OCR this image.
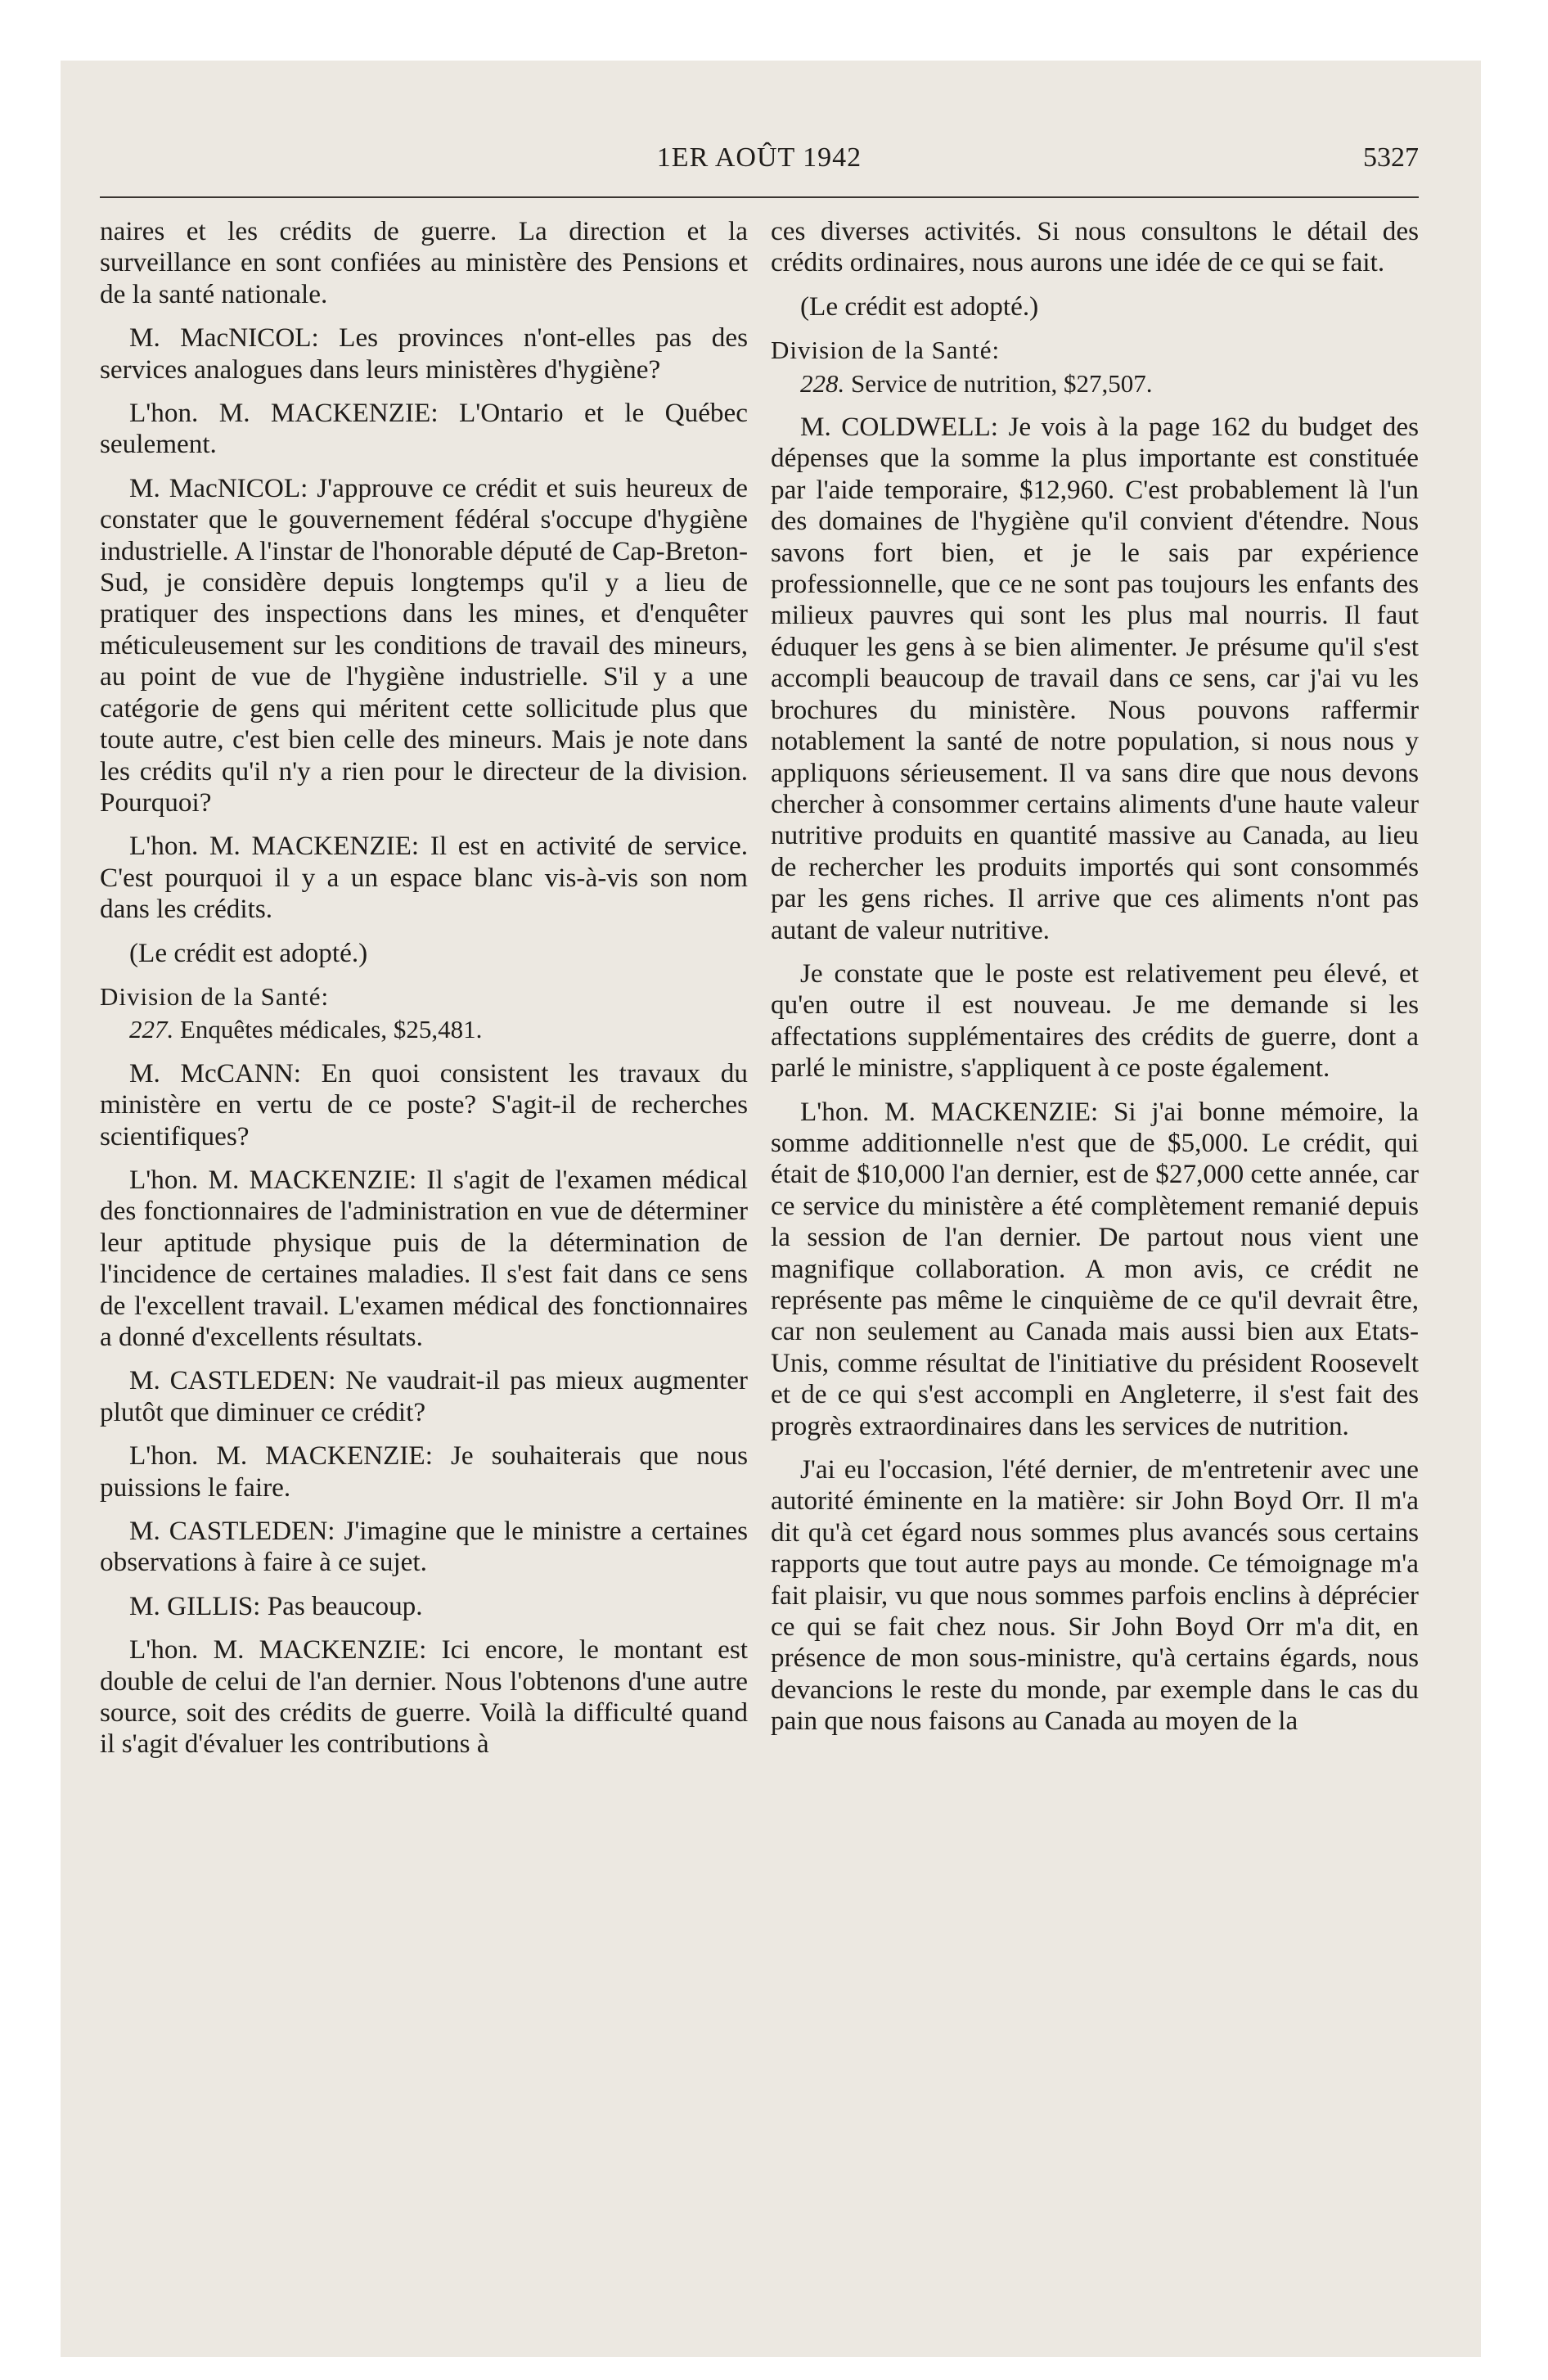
1ER AOÛT 1942	5327

naires et les crédits de guerre. La direction et la surveillance en sont confiées au ministère des Pensions et de la santé nationale.

M. MacNICOL: Les provinces n'ont-elles pas des services analogues dans leurs ministères d'hygiène?

L'hon. M. MACKENZIE: L'Ontario et le Québec seulement.

M. MacNICOL: J'approuve ce crédit et suis heureux de constater que le gouvernement fédéral s'occupe d'hygiène industrielle. A l'instar de l'honorable député de Cap-Breton-Sud, je considère depuis longtemps qu'il y a lieu de pratiquer des inspections dans les mines, et d'enquêter méticuleusement sur les conditions de travail des mineurs, au point de vue de l'hygiène industrielle. S'il y a une catégorie de gens qui méritent cette sollicitude plus que toute autre, c'est bien celle des mineurs. Mais je note dans les crédits qu'il n'y a rien pour le directeur de la division. Pourquoi?

L'hon. M. MACKENZIE: Il est en activité de service. C'est pourquoi il y a un espace blanc vis-à-vis son nom dans les crédits.

(Le crédit est adopté.)

Division de la Santé:

227. Enquêtes médicales, $25,481.

M. McCANN: En quoi consistent les travaux du ministère en vertu de ce poste? S'agit-il de recherches scientifiques?

L'hon. M. MACKENZIE: Il s'agit de l'examen médical des fonctionnaires de l'administration en vue de déterminer leur aptitude physique puis de la détermination de l'incidence de certaines maladies. Il s'est fait dans ce sens de l'excellent travail. L'examen médical des fonctionnaires a donné d'excellents résultats.

M. CASTLEDEN: Ne vaudrait-il pas mieux augmenter plutôt que diminuer ce crédit?

L'hon. M. MACKENZIE: Je souhaiterais que nous puissions le faire.

M. CASTLEDEN: J'imagine que le ministre a certaines observations à faire à ce sujet.

M. GILLIS: Pas beaucoup.

L'hon. M. MACKENZIE: Ici encore, le montant est double de celui de l'an dernier. Nous l'obtenons d'une autre source, soit des crédits de guerre. Voilà la difficulté quand il s'agit d'évaluer les contributions à

ces diverses activités. Si nous consultons le détail des crédits ordinaires, nous aurons une idée de ce qui se fait.

(Le crédit est adopté.)

Division de la Santé:

228. Service de nutrition, $27,507.

M. COLDWELL: Je vois à la page 162 du budget des dépenses que la somme la plus importante est constituée par l'aide temporaire, $12,960. C'est probablement là l'un des domaines de l'hygiène qu'il convient d'étendre. Nous savons fort bien, et je le sais par expérience professionnelle, que ce ne sont pas toujours les enfants des milieux pauvres qui sont les plus mal nourris. Il faut éduquer les gens à se bien alimenter. Je présume qu'il s'est accompli beaucoup de travail dans ce sens, car j'ai vu les brochures du ministère. Nous pouvons raffermir notablement la santé de notre population, si nous nous y appliquons sérieusement. Il va sans dire que nous devons chercher à consommer certains aliments d'une haute valeur nutritive produits en quantité massive au Canada, au lieu de rechercher les produits importés qui sont consommés par les gens riches. Il arrive que ces aliments n'ont pas autant de valeur nutritive.

Je constate que le poste est relativement peu élevé, et qu'en outre il est nouveau. Je me demande si les affectations supplémentaires des crédits de guerre, dont a parlé le ministre, s'appliquent à ce poste également.

L'hon. M. MACKENZIE: Si j'ai bonne mémoire, la somme additionnelle n'est que de $5,000. Le crédit, qui était de $10,000 l'an dernier, est de $27,000 cette année, car ce service du ministère a été complètement remanié depuis la session de l'an dernier. De partout nous vient une magnifique collaboration. A mon avis, ce crédit ne représente pas même le cinquième de ce qu'il devrait être, car non seulement au Canada mais aussi bien aux Etats-Unis, comme résultat de l'initiative du président Roosevelt et de ce qui s'est accompli en Angleterre, il s'est fait des progrès extraordinaires dans les services de nutrition.

J'ai eu l'occasion, l'été dernier, de m'entretenir avec une autorité éminente en la matière: sir John Boyd Orr. Il m'a dit qu'à cet égard nous sommes plus avancés sous certains rapports que tout autre pays au monde. Ce témoignage m'a fait plaisir, vu que nous sommes parfois enclins à déprécier ce qui se fait chez nous. Sir John Boyd Orr m'a dit, en présence de mon sous-ministre, qu'à certains égards, nous devancions le reste du monde, par exemple dans le cas du pain que nous faisons au Canada au moyen de la
